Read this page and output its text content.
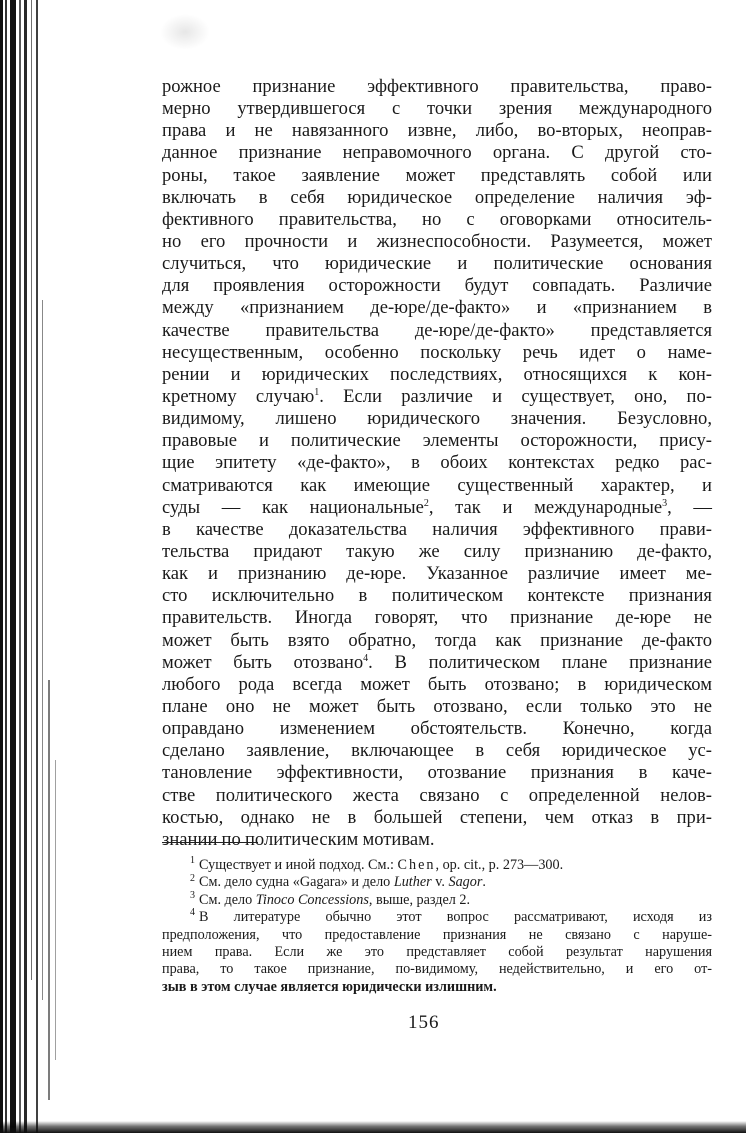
рожное признание эффективного правительства, право-
мерно утвердившегося с точки зрения международного
права и не навязанного извне, либо, во-вторых, неоправ-
данное признание неправомочного органа. С другой сто-
роны, такое заявление может представлять собой или
включать в себя юридическое определение наличия эф-
фективного правительства, но с оговорками относитель-
но его прочности и жизнеспособности. Разумеется, может
случиться, что юридические и политические основания
для проявления осторожности будут совпадать. Различие
между «признанием де-юре/де-факто» и «признанием в
качестве правительства де-юре/де-факто» представляется
несущественным, особенно поскольку речь идет о наме-
рении и юридических последствиях, относящихся к кон-
кретному случаю$^1$. Если различие и существует, оно, по-
видимому, лишено юридического значения. Безусловно,
правовые и политические элементы осторожности, прису-
щие эпитету «де-факто», в обоих контекстах редко рас-
сматриваются как имеющие существенный характер, и
суды — как национальные$^2$, так и международные$^3$, —
в качестве доказательства наличия эффективного прави-
тельства придают такую же силу признанию де-факто,
как и признанию де-юре. Указанное различие имеет ме-
сто исключительно в политическом контексте признания
правительств. Иногда говорят, что признание де-юре не
может быть взято обратно, тогда как признание де-факто
может быть отозвано$^4$. В политическом плане признание
любого рода всегда может быть отозвано; в юридическом
плане оно не может быть отозвано, если только это не
оправдано изменением обстоятельств. Конечно, когда
сделано заявление, включающее в себя юридическое ус-
тановление эффективности, отозвание признания в каче-
стве политического жеста связано с определенной нелов-
костью, однако не в большей степени, чем отказ в при-
знании по политическим мотивам.
$^1$ Существует и иной подход. См.: Chen, op. cit., p. 273—300.
$^2$ См. дело судна «Gagara» и дело Luther v. Sagor.
$^3$ См. дело Tinoco Concessions, выше, раздел 2.
$^4$ В литературе обычно этот вопрос рассматривают, исходя из
предположения, что предоставление признания не связано с наруше-
нием права. Если же это представляет собой результат нарушения
права, то такое признание, по-видимому, недействительно, и его от-
зыв в этом случае является юридически излишним.
156
